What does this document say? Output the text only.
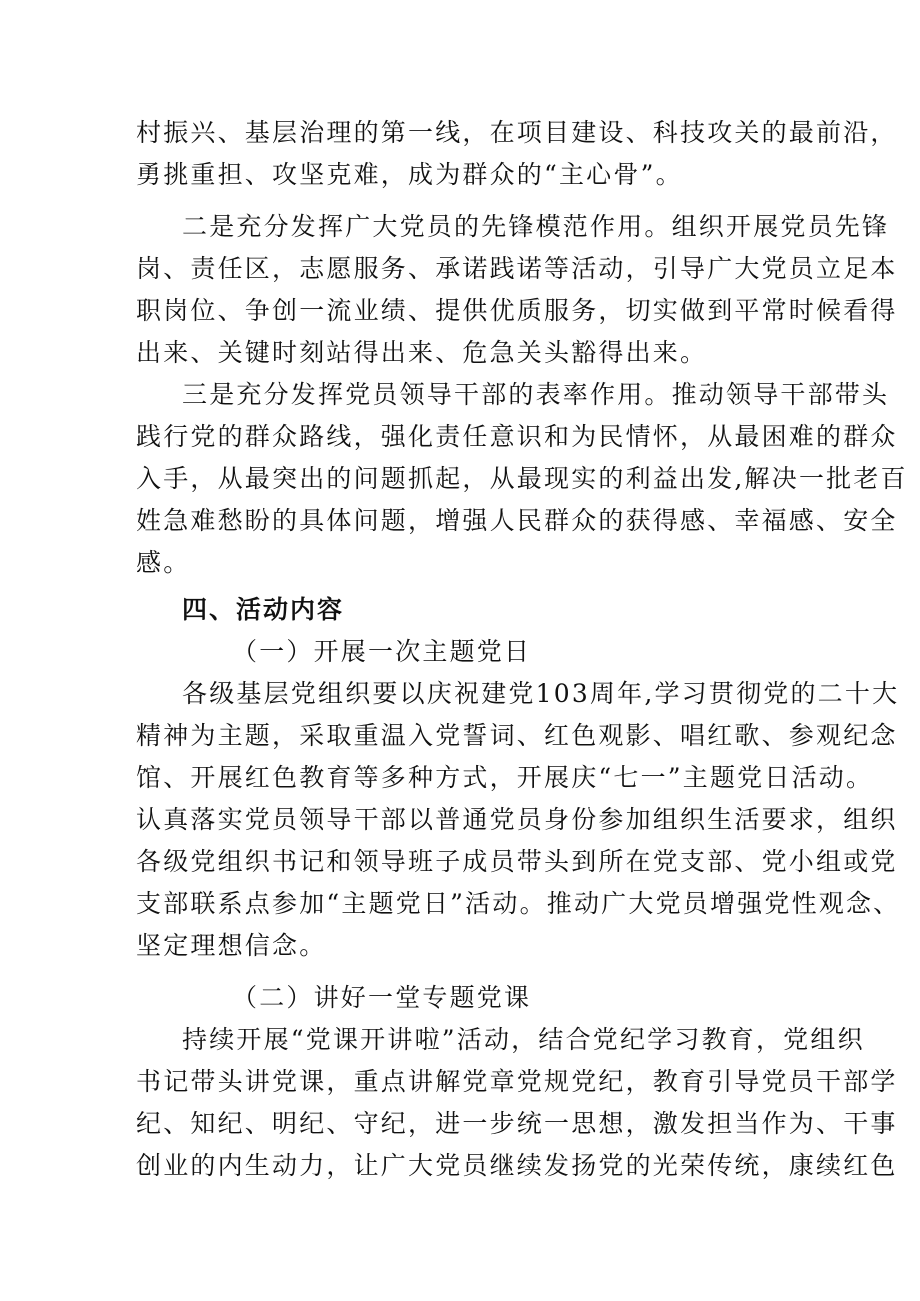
村振兴、基层治理的第一线，在项目建设、科技攻关的最前沿，
勇挑重担、攻坚克难，成为群众的“主心骨”。
二是充分发挥广大党员的先锋模范作用。组织开展党员先锋
岗、责任区，志愿服务、承诺践诺等活动，引导广大党员立足本
职岗位、争创一流业绩、提供优质服务，切实做到平常时候看得
出来、关键时刻站得出来、危急关头豁得出来。
三是充分发挥党员领导干部的表率作用。推动领导干部带头
践行党的群众路线，强化责任意识和为民情怀，从最困难的群众
入手，从最突出的问题抓起，从最现实的利益出发,解决一批老百
姓急难愁盼的具体问题，增强人民群众的获得感、幸福感、安全
感。
四、活动内容
（一）开展一次主题党日
各级基层党组织要以庆祝建党103周年,学习贯彻党的二十大
精神为主题，采取重温入党誓词、红色观影、唱红歌、参观纪念
馆、开展红色教育等多种方式，开展庆“七一”主题党日活动。
认真落实党员领导干部以普通党员身份参加组织生活要求，组织
各级党组织书记和领导班子成员带头到所在党支部、党小组或党
支部联系点参加“主题党日”活动。推动广大党员增强党性观念、
坚定理想信念。
（二）讲好一堂专题党课
持续开展“党课开讲啦”活动，结合党纪学习教育，党组织
书记带头讲党课，重点讲解党章党规党纪，教育引导党员干部学
纪、知纪、明纪、守纪，进一步统一思想，激发担当作为、干事
创业的内生动力，让广大党员继续发扬党的光荣传统，康续红色
